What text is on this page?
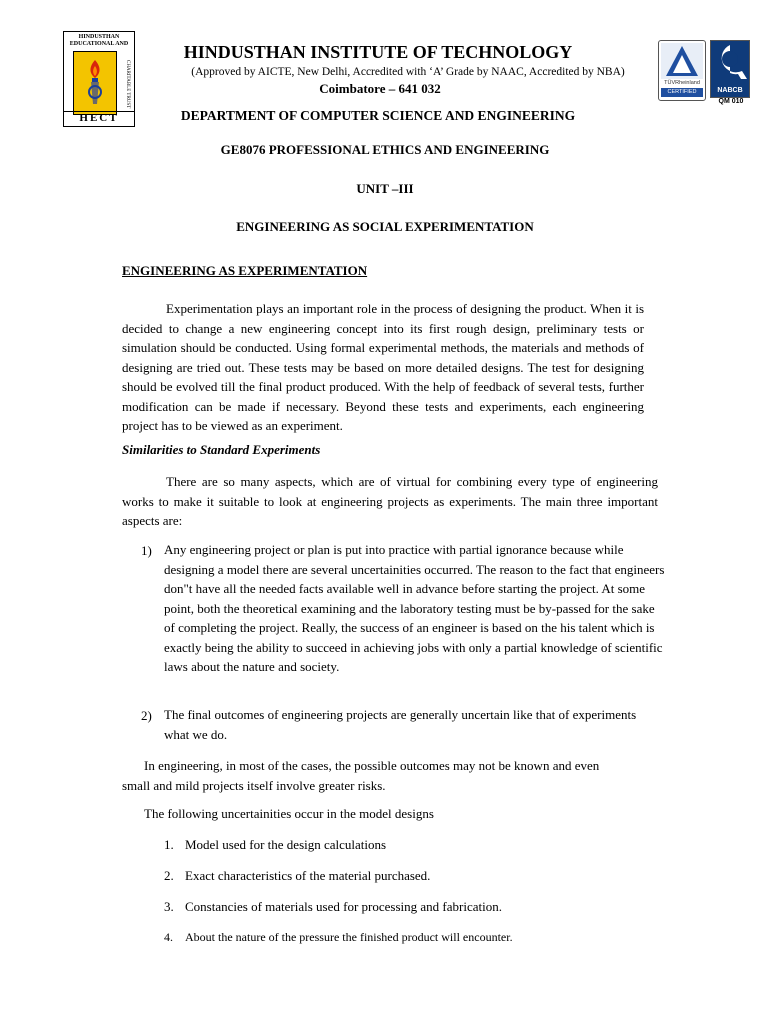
HINDUSTHAN EDUCATIONAL AND
CHARITABLE TRUST
HECT
TÜVRheinland
CERTIFIED	NABCB
QM 010
HINDUSTHAN INSTITUTE OF TECHNOLOGY
(Approved by AICTE, New Delhi, Accredited with ‘A’ Grade by NAAC, Accredited by NBA)
Coimbatore – 641 032
DEPARTMENT OF COMPUTER SCIENCE AND ENGINEERING
GE8076 PROFESSIONAL ETHICS AND ENGINEERING
UNIT –III
ENGINEERING AS SOCIAL EXPERIMENTATION
ENGINEERING AS EXPERIMENTATION

Experimentation plays an important role in the process of designing the product. When it is decided to change a new engineering concept into its first rough design, preliminary tests or simulation should be conducted. Using formal experimental methods, the materials and methods of designing are tried out. These tests may be based on more detailed designs. The test for designing should be evolved till the final product produced. With the help of feedback of several tests, further modification can be made if necessary. Beyond these tests and experiments, each engineering project has to be viewed as an experiment.

Similarities to Standard Experiments

There are so many aspects, which are of virtual for combining every type of engineering works to make it suitable to look at engineering projects as experiments. The main three important aspects are:

1) Any engineering project or plan is put into practice with partial ignorance because while designing a model there are several uncertainities occurred. The reason to the fact that engineers don"t have all the needed facts available well in advance before starting the project. At some point, both the theoretical examining and the laboratory testing must be by-passed for the sake of completing the project. Really, the success of an engineer is based on the his talent which is exactly being the ability to succeed in achieving jobs with only a partial knowledge of scientific laws about the nature and society.

2) The final outcomes of engineering projects are generally uncertain like that of experiments what we do.

In engineering, in most of the cases, the possible outcomes may not be known and even small and mild projects itself involve greater risks.

The following uncertainities occur in the model designs

1. Model used for the design calculations
2. Exact characteristics of the material purchased.
3. Constancies of materials used for processing and fabrication.
4. About the nature of the pressure the finished product will encounter.
